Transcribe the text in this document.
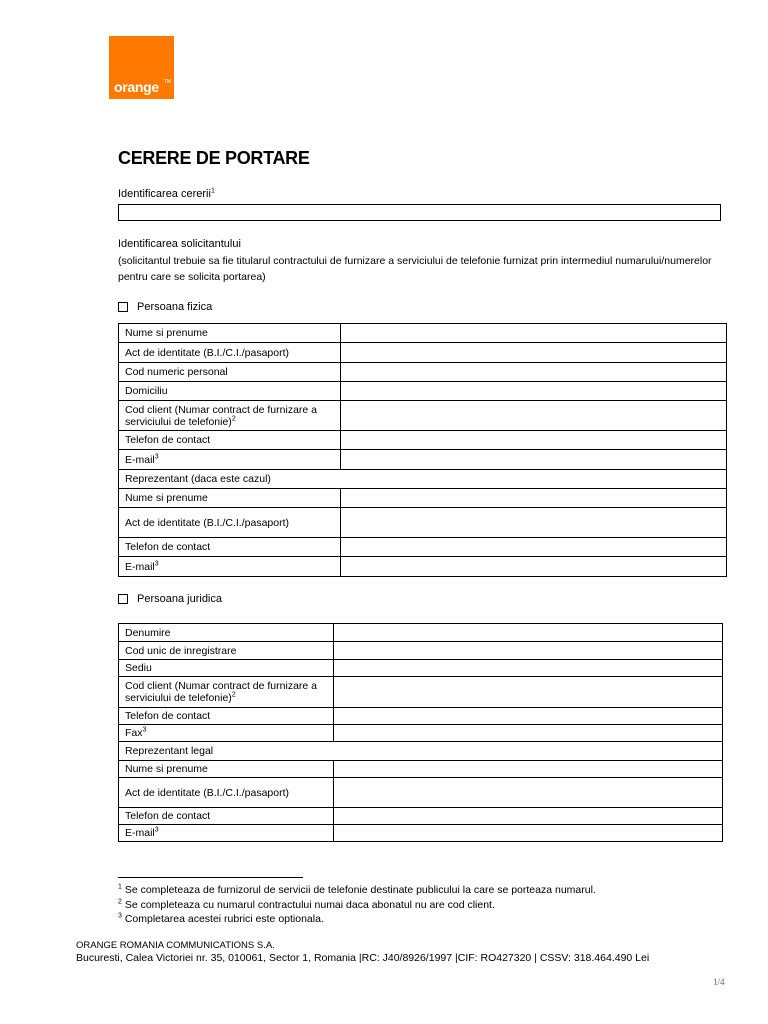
orange TM
CERERE DE PORTARE
Identificarea cererii$^1$
Identificarea solicitantului
(solicitantul trebuie sa fie titularul contractului de furnizare a serviciului de telefonie furnizat prin intermediul numarului/numerelor pentru care se solicita portarea)
Persoana fizica
Nume si prenume	
Act de identitate (B.I./C.I./pasaport)	
Cod numeric personal	
Domiciliu	
Cod client (Numar contract de furnizare a serviciului de telefonie)$^2$	
Telefon de contact	
E-mail$^3$	
Reprezentant (daca este cazul)	
Nume si prenume	
Act de identitate (B.I./C.I./pasaport)	
Telefon de contact	
E-mail$^3$	
Persoana juridica
Denumire	
Cod unic de inregistrare	
Sediu	
Cod client (Numar contract de furnizare a serviciului de telefonie)$^2$	
Telefon de contact	
Fax$^3$	
Reprezentant legal	
Nume si prenume	
Act de identitate (B.I./C.I./pasaport)	
Telefon de contact	
E-mail$^3$	
$^1$ Se completeaza de furnizorul de servicii de telefonie destinate publicului la care se porteaza numarul.
$^2$ Se completeaza cu numarul contractului numai daca abonatul nu are cod client.
$^3$ Completarea acestei rubrici este optionala.
ORANGE ROMANIA COMMUNICATIONS S.A.
Bucuresti, Calea Victoriei nr. 35, 010061, Sector 1, Romania |RC: J40/8926/1997 |CIF: RO427320 | CSSV: 318.464.490 Lei
1/4
